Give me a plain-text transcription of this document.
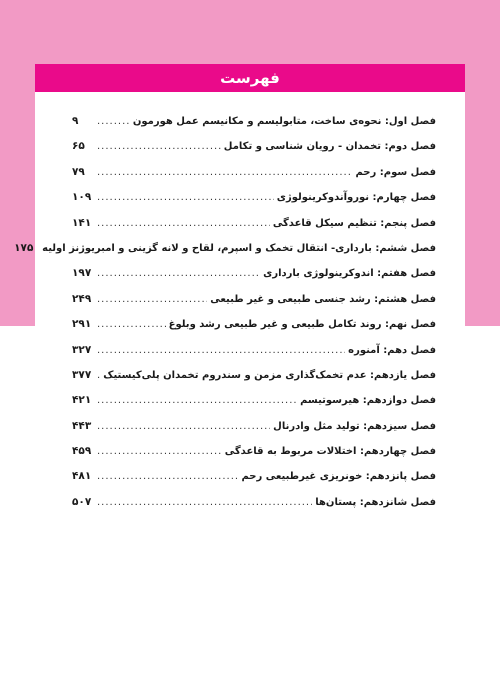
فهرست
فصل اول: نحوه‌ی ساخت، متابولیسم و مکانیسم عمل هورمون
.....
۹
فصل دوم: تخمدان - رویان شناسی و تکامل
.....
۶۵
فصل سوم: رحم
.....
۷۹
فصل چهارم: نوروآندوکرینولوژی
.....
۱۰۹
فصل پنجم: تنظیم سیکل قاعدگی
.....
۱۴۱
فصل ششم: بارداری- انتقال تخمک و اسپرم، لقاح و لانه گزینی و امبریوژنز اولیه
۱۷۵
فصل هفتم: اندوکرینولوژی بارداری
.....
۱۹۷
فصل هشتم: رشد جنسی طبیعی و غیر طبیعی
.....
۲۴۹
فصل نهم: روند تکامل طبیعی و غیر طبیعی رشد وبلوغ
.....
۲۹۱
فصل دهم: آمنوره
.....
۳۲۷
فصل یازدهم: عدم تخمک‌گذاری مزمن و سندروم تخمدان پلی‌کیستیک
.....
۳۷۷
فصل دوازدهم: هیرسوتیسم
.....
۴۲۱
فصل سیزدهم: تولید مثل وادرنال
.....
۴۴۳
فصل چهاردهم: اختلالات مربوط به قاعدگی
.....
۴۵۹
فصل پانزدهم: خونریزی غیرطبیعی رحم
.....
۴۸۱
فصل شانزدهم: پستان‌ها
.....
۵۰۷
